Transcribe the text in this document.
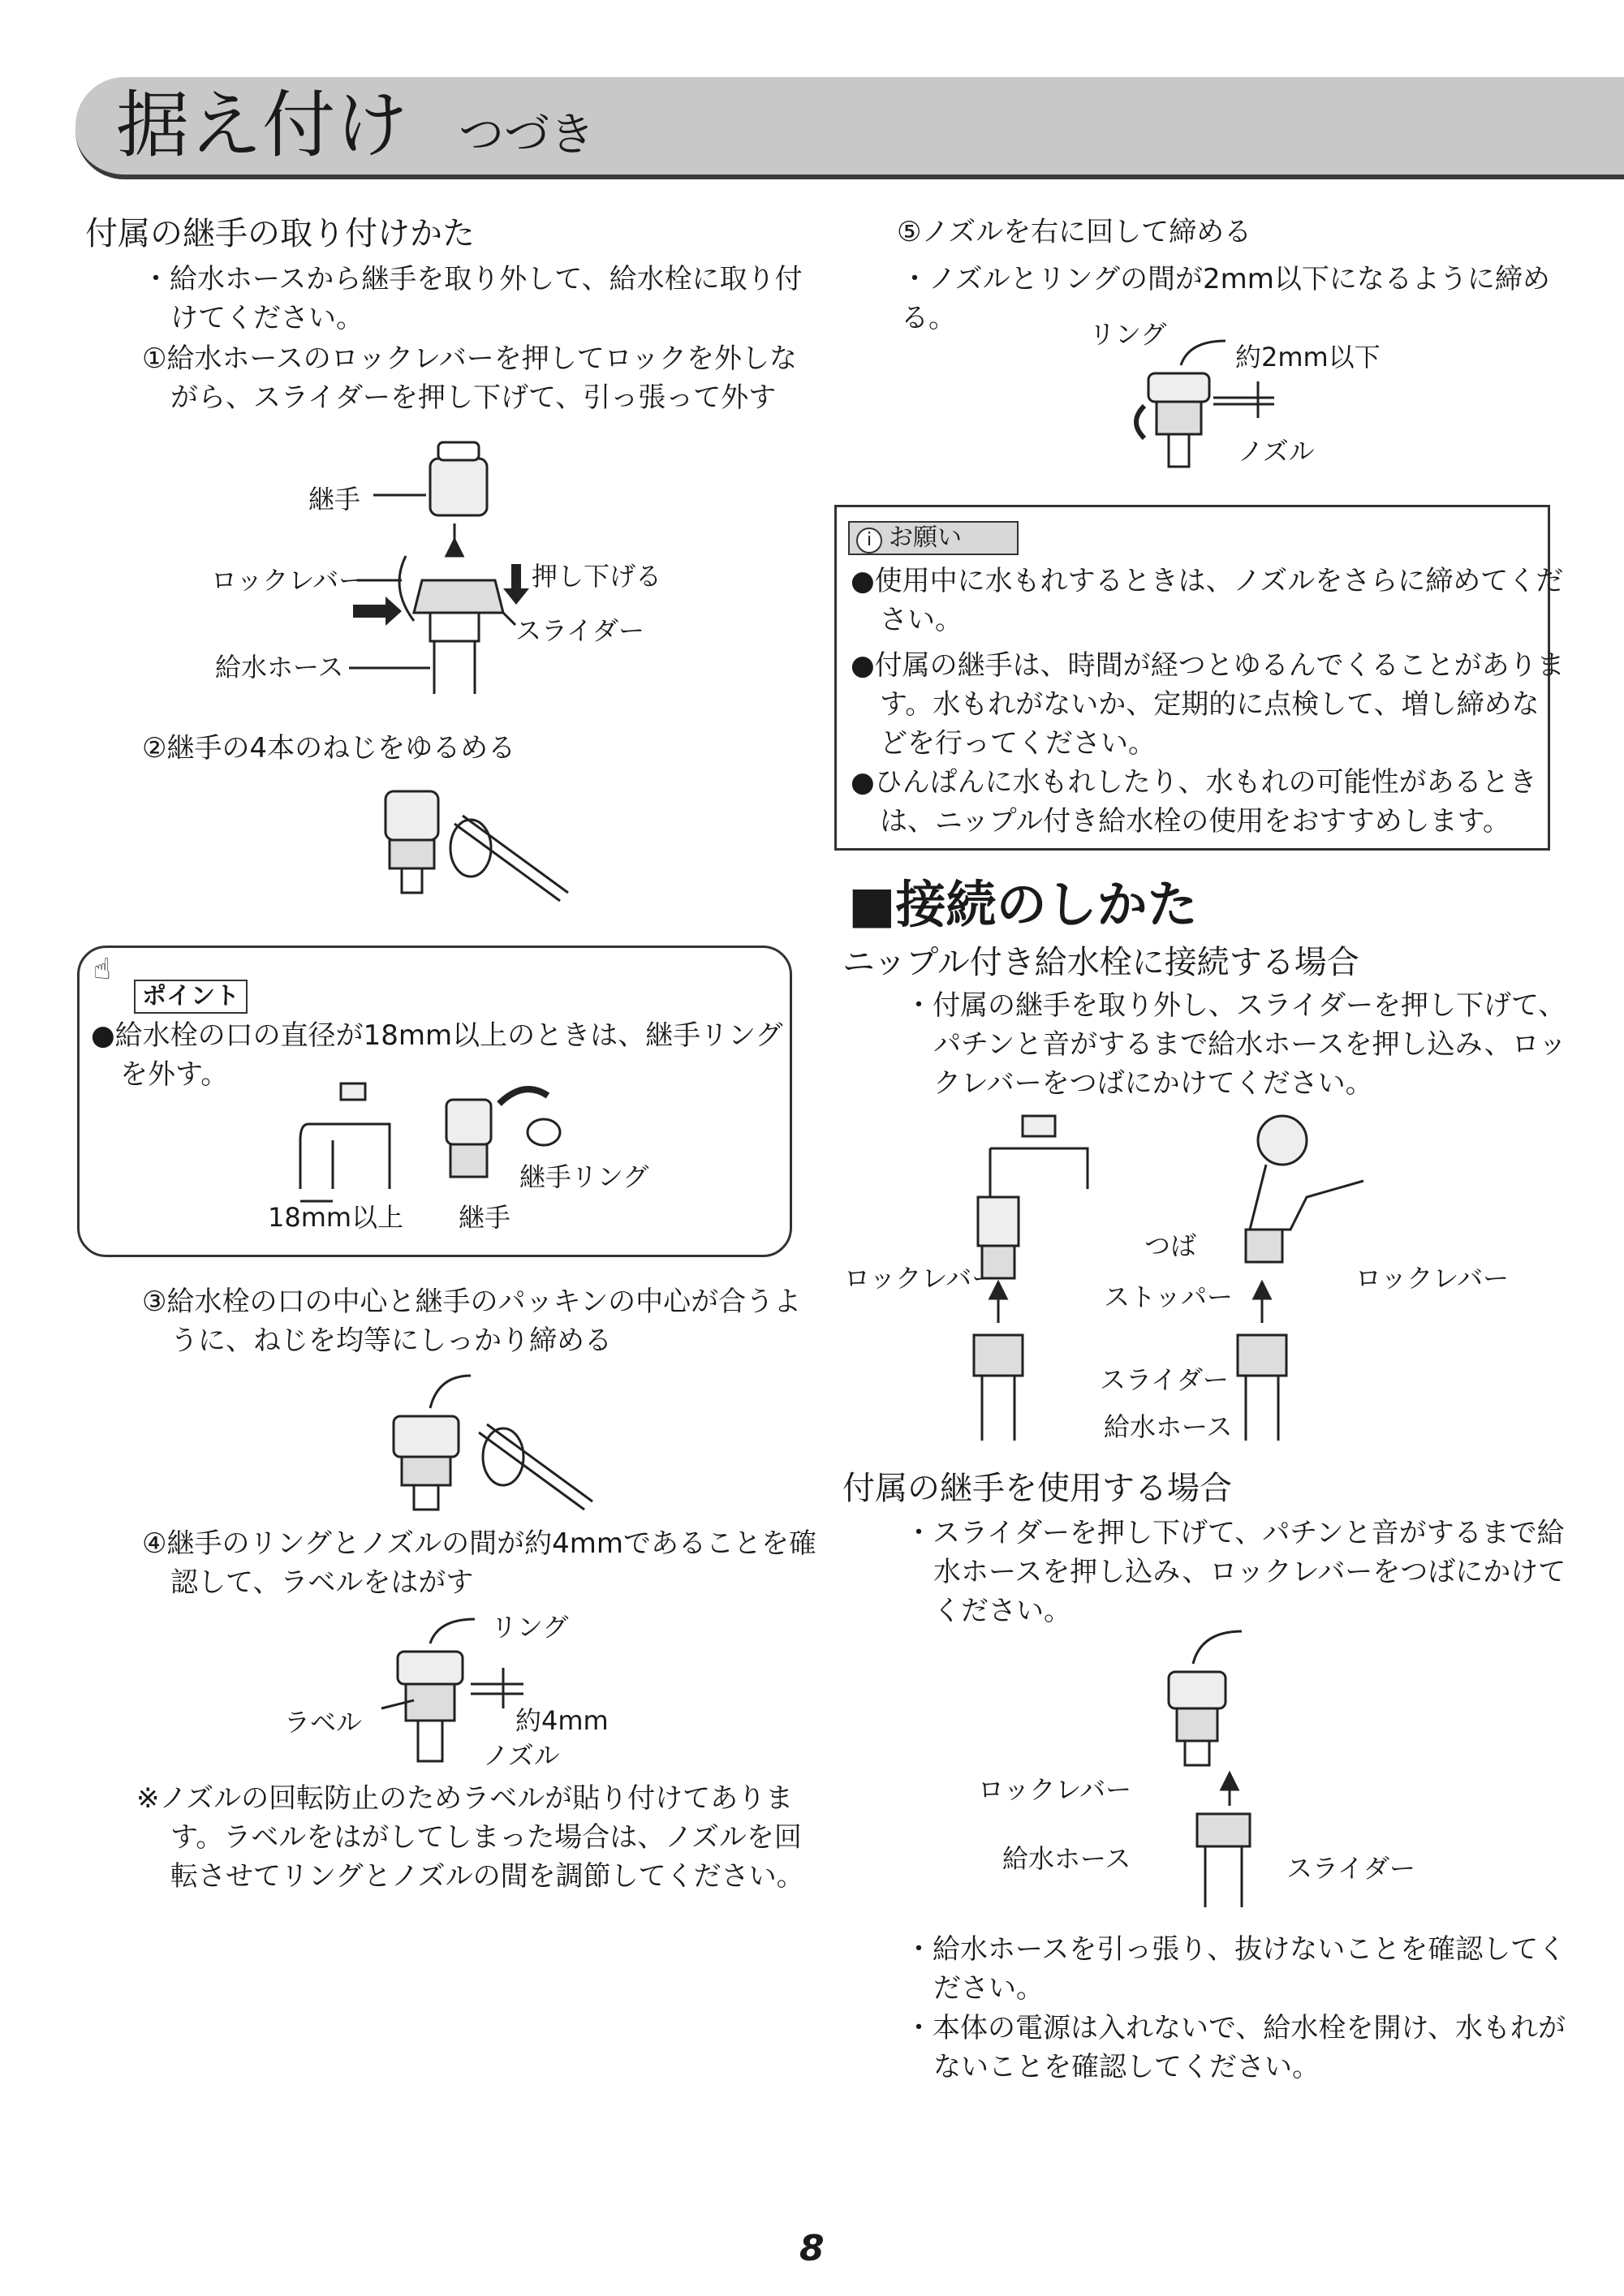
据え付け つづき
付属の継手の取り付けかた
・給水ホースから継手を取り外して、給水栓に取り付けてください。
①給水ホースのロックレバーを押してロックを外しながら、スライダーを押し下げて、引っ張って外す
継手
ロックレバー	押し下げる
スライダー
給水ホース
②継手の4本のねじをゆるめる
☝
ポイント
●給水栓の口の直径が18mm以上のときは、継手リングを外す。
継手リング
18mm以上 継手
③給水栓の口の中心と継手のパッキンの中心が合うように、ねじを均等にしっかり締める
④継手のリングとノズルの間が約4mmであることを確認して、ラベルをはがす
リング
ラベル	約4mm
ノズル
※ノズルの回転防止のためラベルが貼り付けてあります。ラベルをはがしてしまった場合は、ノズルを回転させてリングとノズルの間を調節してください。
⑤ノズルを右に回して締める
・ノズルとリングの間が2mm以下になるように締める。	リング
約2mm以下
ノズル
i お願い
●使用中に水もれするときは、ノズルをさらに締めてください。
●付属の継手は、時間が経つとゆるんでくることがあります。水もれがないか、定期的に点検して、増し締めなどを行ってください。
●ひんぱんに水もれしたり、水もれの可能性があるときは、ニップル付き給水栓の使用をおすすめします。
■接続のしかた
ニップル付き給水栓に接続する場合
・付属の継手を取り外し、スライダーを押し下げて、パチンと音がするまで給水ホースを押し込み、ロックレバーをつばにかけてください。
つば
ロックレバー
ストッパー
ロックレバー
スライダー
給水ホース
付属の継手を使用する場合
・スライダーを押し下げて、パチンと音がするまで給水ホースを押し込み、ロックレバーをつばにかけてください。
ロックレバー
給水ホース	スライダー
・給水ホースを引っ張り、抜けないことを確認してください。
・本体の電源は入れないで、給水栓を開け、水もれがないことを確認してください。
8
